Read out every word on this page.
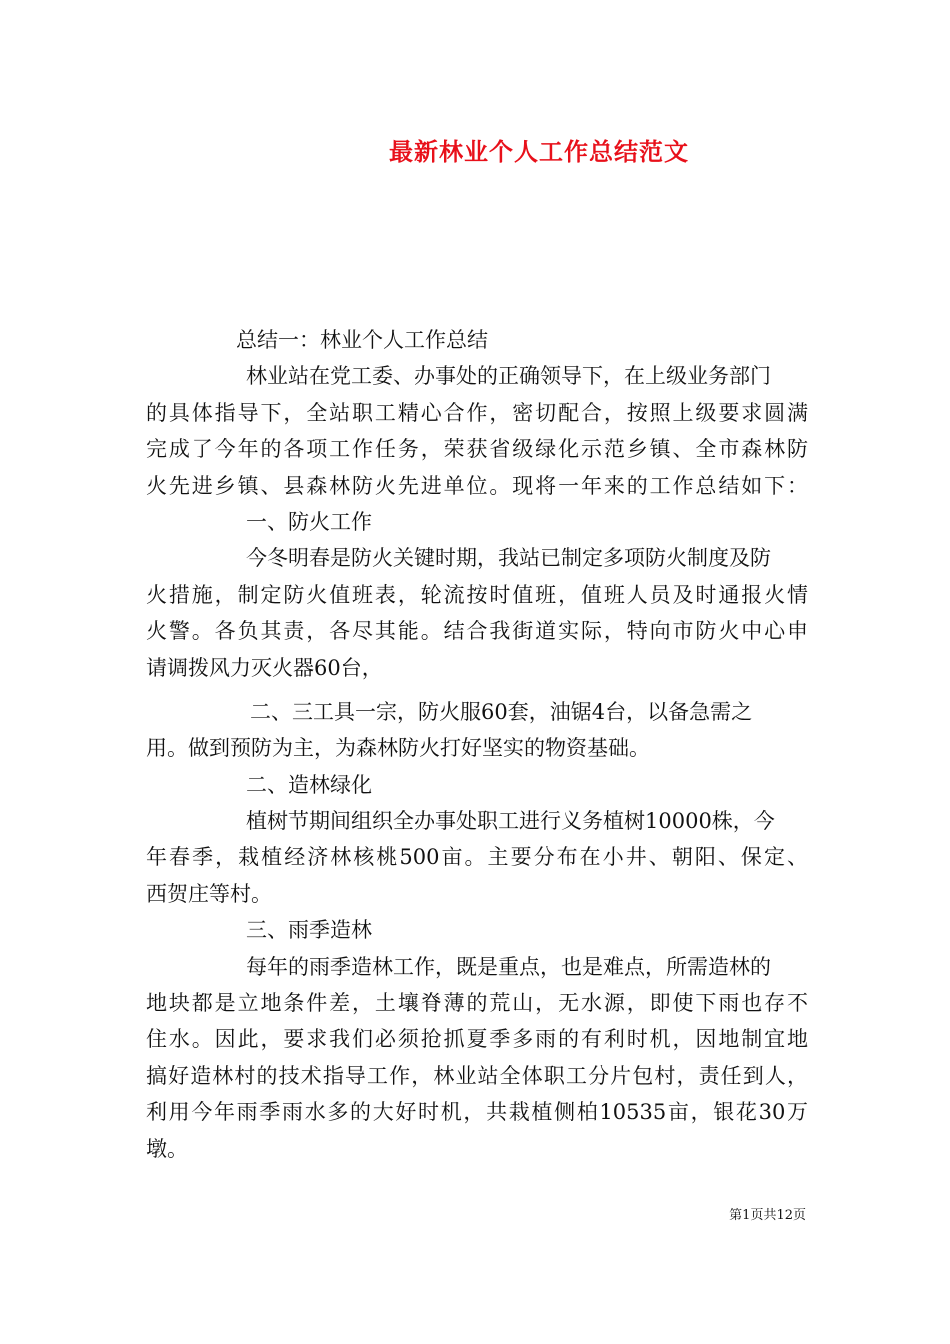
最新林业个人工作总结范文
总结一：林业个人工作总结
林业站在党工委、办事处的正确领导下，在上级业务部门
的具体指导下，全站职工精心合作，密切配合，按照上级要求圆满
完成了今年的各项工作任务，荣获省级绿化示范乡镇、全市森林防
火先进乡镇、县森林防火先进单位。现将一年来的工作总结如下：
一、防火工作
今冬明春是防火关键时期，我站已制定多项防火制度及防
火措施，制定防火值班表，轮流按时值班，值班人员及时通报火情
火警。各负其责，各尽其能。结合我街道实际，特向市防火中心申
请调拨风力灭火器60台，
二、三工具一宗，防火服60套，油锯4台，以备急需之
用。做到预防为主，为森林防火打好坚实的物资基础。
二、造林绿化
植树节期间组织全办事处职工进行义务植树10000株，今
年春季，栽植经济林核桃500亩。主要分布在小井、朝阳、保定、
西贺庄等村。
三、雨季造林
每年的雨季造林工作，既是重点，也是难点，所需造林的
地块都是立地条件差，土壤脊薄的荒山，无水源，即使下雨也存不
住水。因此，要求我们必须抢抓夏季多雨的有利时机，因地制宜地
搞好造林村的技术指导工作，林业站全体职工分片包村，责任到人，
利用今年雨季雨水多的大好时机，共栽植侧柏10535亩，银花30万
墩。
第1页共12页
